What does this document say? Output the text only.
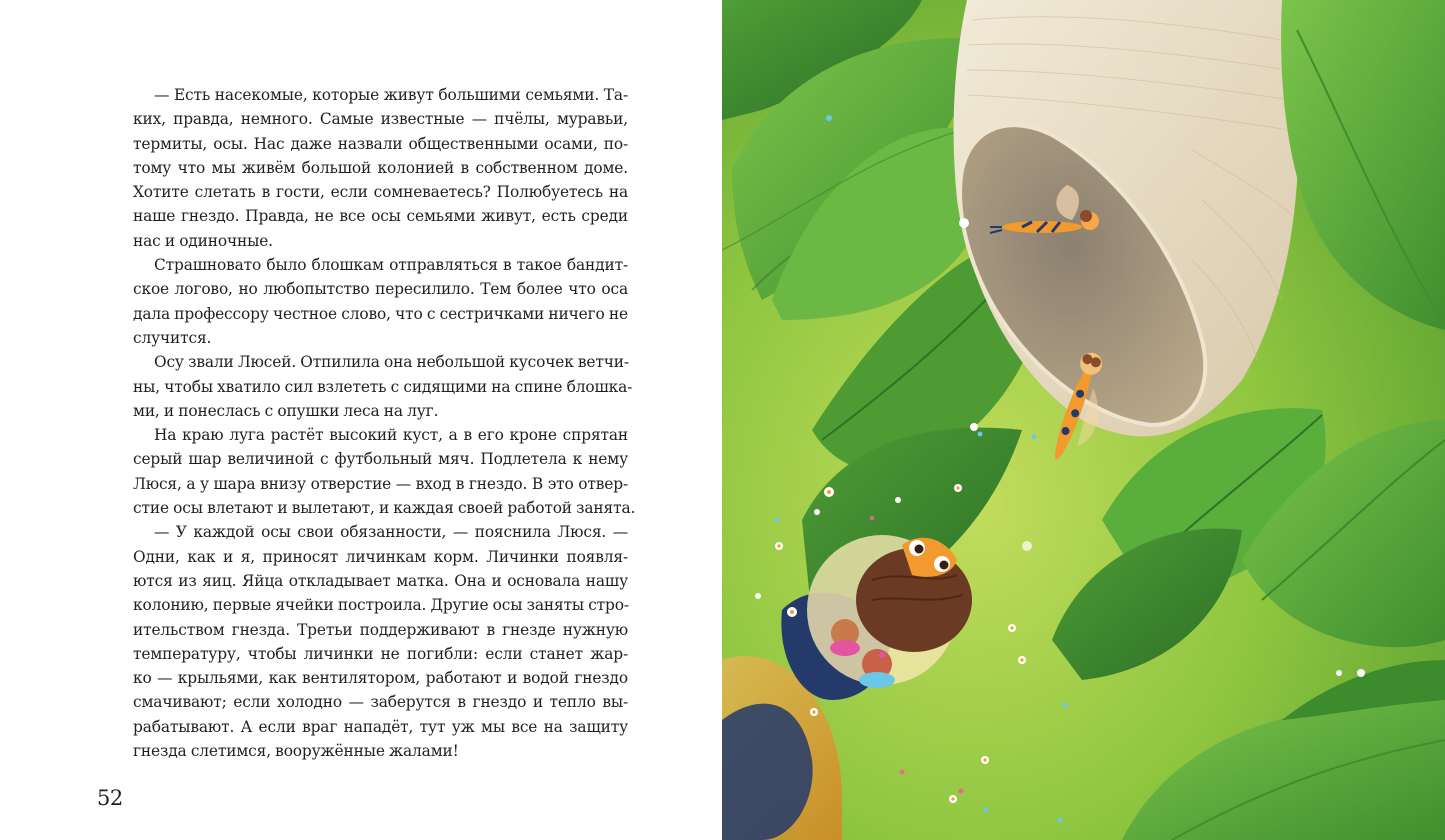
— Есть насекомые, которые живут большими семьями. Та-
ких, правда, немного. Самые известные — пчёлы, муравьи,
термиты, осы. Нас даже назвали общественными осами, по-
тому что мы живём большой колонией в собственном доме.
Хотите слетать в гости, если сомневаетесь? Полюбуетесь на
наше гнездо. Правда, не все осы семьями живут, есть среди
нас и одиночные.
Страшновато было блошкам отправляться в такое бандит-
ское логово, но любопытство пересилило. Тем более что оса
дала профессору честное слово, что с сестричками ничего не
случится.
Осу звали Люсей. Отпилила она небольшой кусочек ветчи-
ны, чтобы хватило сил взлететь с сидящими на спине блошка-
ми, и понеслась с опушки леса на луг.
На краю луга растёт высокий куст, а в его кроне спрятан
серый шар величиной с футбольный мяч. Подлетела к нему
Люся, а у шара внизу отверстие — вход в гнездо. В это отвер-
стие осы влетают и вылетают, и каждая своей работой занята.
— У каждой осы свои обязанности, — пояснила Люся. —
Одни, как и я, приносят личинкам корм. Личинки появля-
ются из яиц. Яйца откладывает матка. Она и основала нашу
колонию, первые ячейки построила. Другие осы заняты стро-
ительством гнезда. Третьи поддерживают в гнезде нужную
температуру, чтобы личинки не погибли: если станет жар-
ко — крыльями, как вентилятором, работают и водой гнездо
смачивают; если холодно — заберутся в гнездо и тепло вы-
рабатывают. А если враг нападёт, тут уж мы все на защиту
гнезда слетимся, вооружённые жалами!
52
